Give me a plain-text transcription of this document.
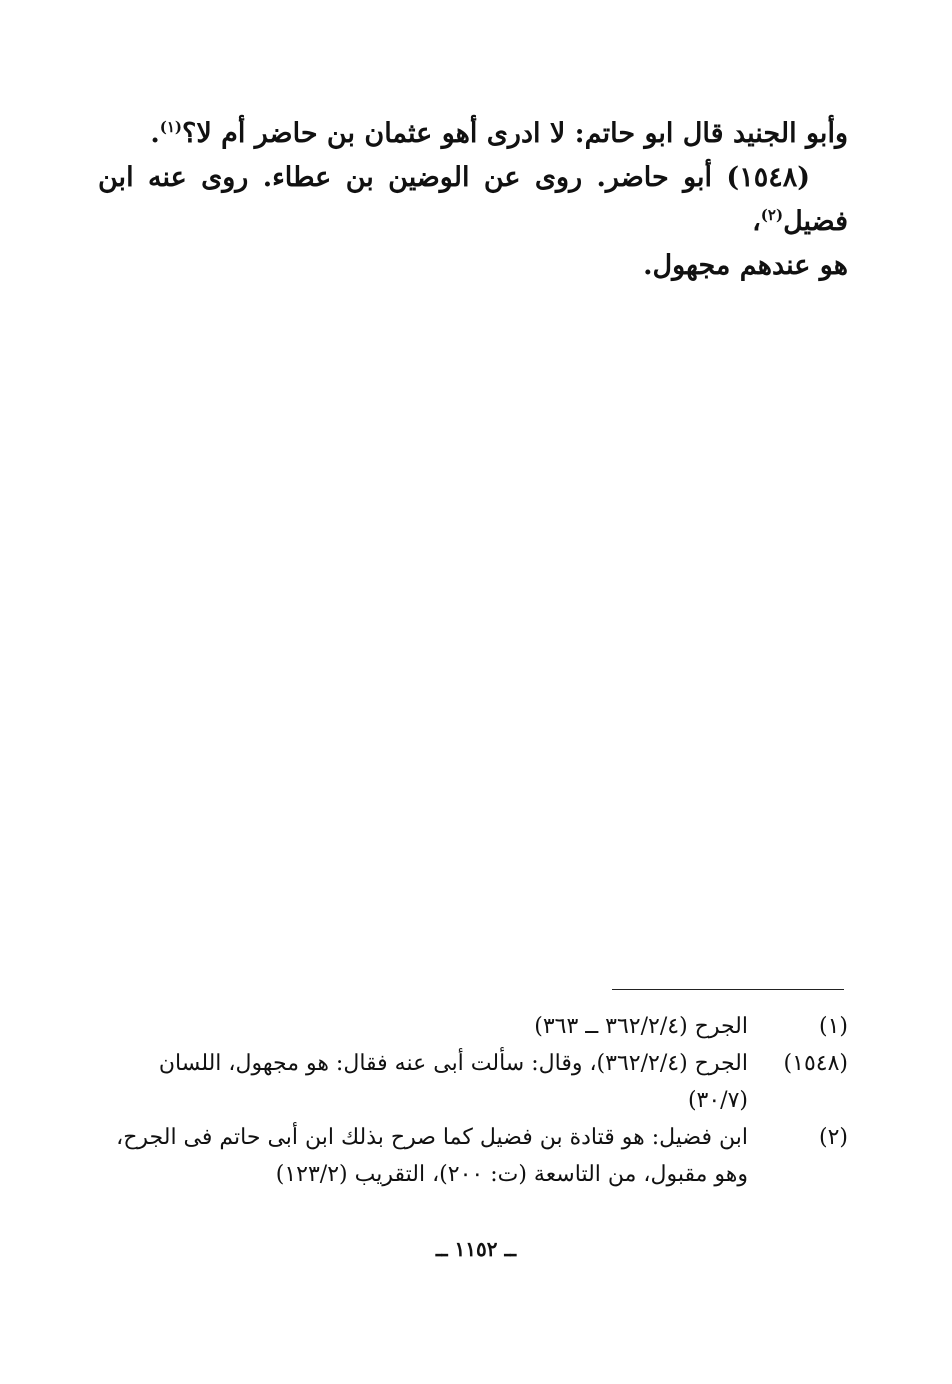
وأبو الجنيد قال ابو حاتم: لا ادرى أهو عثمان بن حاضر أم لا؟$^{(١)}$.

(١٥٤٨) أبو حاضر. روى عن الوضين بن عطاء. روى عنه ابن فضيل$^{(٢)}$،

هو عندهم مجهول.

(١)
الجرح (٣٦٢/٢/٤ ــ ٣٦٣)
(١٥٤٨)
الجرح (٣٦٢/٢/٤)، وقال: سألت أبى عنه فقال: هو مجهول، اللسان
(٣٠/٧)
(٢)
ابن فضيل: هو قتادة بن فضيل كما صرح بذلك ابن أبى حاتم فى الجرح،
وهو مقبول، من التاسعة (ت: ٢٠٠)، التقريب (١٢٣/٢)
ــ ١١٥٢ ــ
